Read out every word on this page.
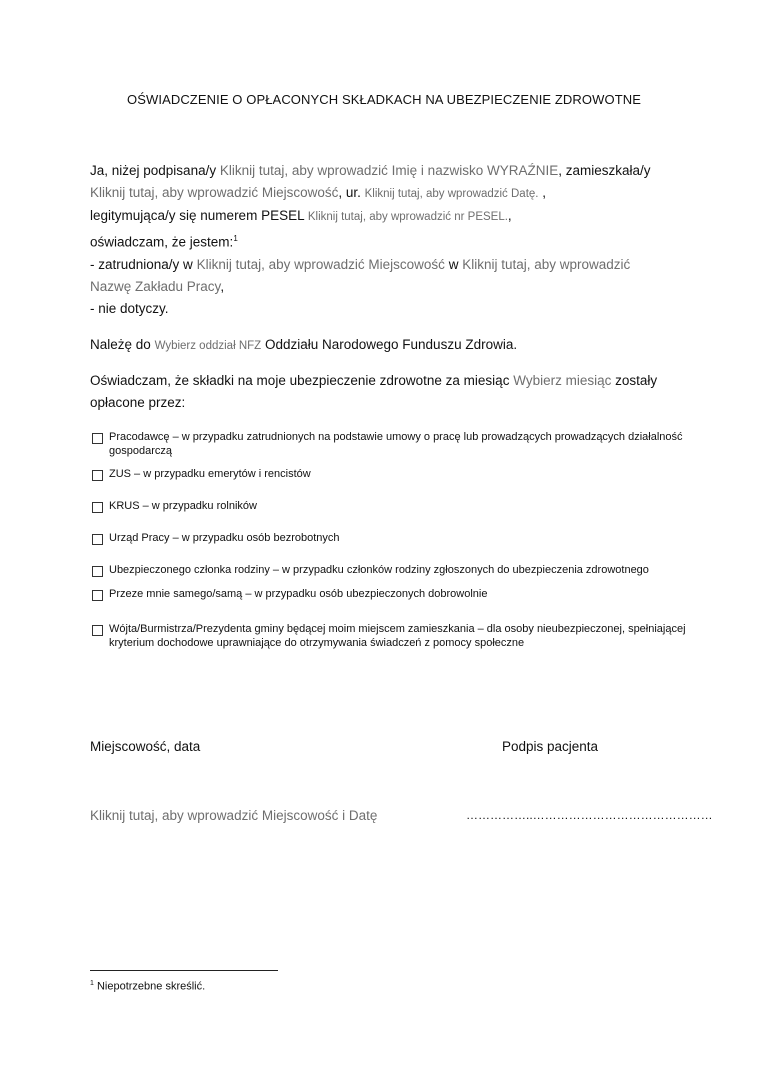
OŚWIADCZENIE O OPŁACONYCH SKŁADKACH NA UBEZPIECZENIE ZDROWOTNE
Ja, niżej podpisana/y Kliknij tutaj, aby wprowadzić Imię i nazwisko WYRAŹNIE, zamieszkała/y
Kliknij tutaj, aby wprowadzić Miejscowość, ur. Kliknij tutaj, aby wprowadzić Datę. ,
legitymująca/y się numerem PESEL Kliknij tutaj, aby wprowadzić nr PESEL.,
oświadczam, że jestem:$^1$
- zatrudniona/y w Kliknij tutaj, aby wprowadzić Miejscowość w Kliknij tutaj, aby wprowadzić
Nazwę Zakładu Pracy,
- nie dotyczy.
Należę do Wybierz oddział NFZ Oddziału Narodowego Funduszu Zdrowia.
Oświadczam, że składki na moje ubezpieczenie zdrowotne za miesiąc Wybierz miesiąc zostały
opłacone przez:
Pracodawcę – w przypadku zatrudnionych na podstawie umowy o pracę lub prowadzących prowadzących działalność gospodarczą
ZUS – w przypadku emerytów i rencistów
KRUS – w przypadku rolników
Urząd Pracy – w przypadku osób bezrobotnych
Ubezpieczonego członka rodziny – w przypadku członków rodziny zgłoszonych do ubezpieczenia zdrowotnego
Przeze mnie samego/samą – w przypadku osób ubezpieczonych dobrowolnie
Wójta/Burmistrza/Prezydenta gminy będącej moim miejscem zamieszkania – dla osoby nieubezpieczonej, spełniającej kryterium dochodowe uprawniające do otrzymywania świadczeń z pomocy społeczne
Miejscowość, data	Podpis pacjenta
Kliknij tutaj, aby wprowadzić Miejscowość i Datę	……………..………………………………………
$^1$ Niepotrzebne skreślić.
